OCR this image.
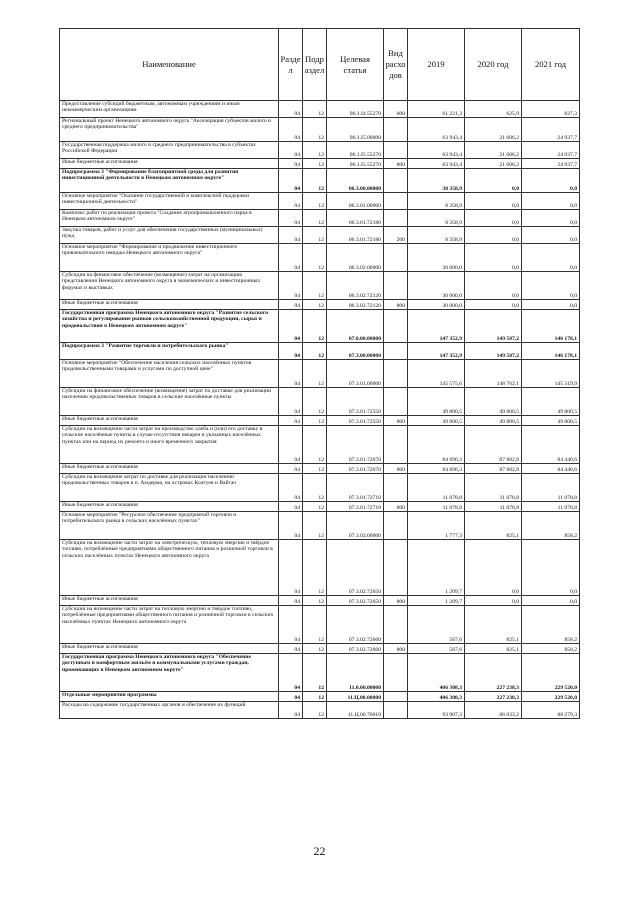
Наименование	Разде л	Подр аздел	Целевая статья	Вид расхо дов	2019	2020 год	2021 год
Предоставление субсидий бюджетным, автономным учреждениям и иным некоммерческим организациям	04	12	06.1.I4.55270	600	61 221,3	625,9	827,3
Региональный проект Ненецкого автономного округа "Акселерация субъектов малого и среднего предпринимательства"	04	12	06.1.I5.00000		63 943,4	21 606,2	24 937,7
Государственная поддержка малого и среднего предпринимательства в субъектах Российской Федерации	04	12	06.1.I5.55270		63 943,4	21 606,2	24 937,7
Иные бюджетные ассигнования	04	12	06.1.I5.55270	800	63 943,4	21 606,2	24 937,7
Подпрограмма 3 "Формирование благоприятной среды для развития инвестиционной деятельности в Ненецком автономном округе"	04	12	06.3.00.00000		38 358,9	0,0	0,0
Основное мероприятие "Оказание государственной и комплексной поддержки инвестиционной деятельности"	04	12	06.3.01.00000		8 358,9	0,0	0,0
Комплекс работ по реализации проекта "Создание агропромышленного парка в Ненецком автономном округе"	04	12	06.3.01.72180		8 358,9	0,0	0,0
Закупка товаров, работ и услуг для обеспечения государственных (муниципальных) нужд	04	12	06.3.01.72180	200	8 358,9	0,0	0,0
Основное мероприятие "Формирование и продвижение инвестиционного привлекательного имиджа Ненецкого автономного округа"	04	12	06.3.02.00000		30 000,0	0,0	0,0
Субсидия на финансовое обеспечение (возмещение) затрат на организацию представления Ненецкого автономного округа в экономических и инвестиционных форумах и выставках	04	12	06.3.02.72120		30 000,0	0,0	0,0
Иные бюджетные ассигнования	04	12	06.3.02.72120	800	30 000,0	0,0	0,0
Государственная программа Ненецкого автономного округа "Развитие сельского хозяйства и регулирование рынков сельскохозяйственной продукции, сырья и продовольствия в Ненецком автономном округе"	04	12	07.0.00.00000		147 352,9	149 587,2	146 178,1
Подпрограмма 3 "Развитие торговли и потребительского рынка"	04	12	07.3.00.00000		147 352,9	149 587,2	146 178,1
Основное мероприятие "Обеспечение населения сельских населённых пунктов продовольственными товарами и услугами по доступной цене"	04	12	07.3.01.00000		145 575,6	148 762,1	145 319,9
Субсидии на финансовое обеспечение (возмещение) затрат по доставке для реализации населению продовольственных товаров в сельские населённые пункты	04	12	07.3.01.72550		49 800,5	49 800,5	49 800,5
Иные бюджетные ассигнования	04	12	07.3.01.72550	800	49 800,5	49 800,5	49 800,5
Субсидии на возмещение части затрат на производство хлеба и (или) его доставку в сельские населённые пункты в случае отсутствия пекарен в указанных населённых пунктах или на период их ремонта и иного временного закрытия	04	12	07.3.01.72670		84 696,3	87 882,8	84 440,6
Иные бюджетные ассигнования	04	12	07.3.01.72670	800	84 696,3	87 882,8	84 440,6
Субсидии на возмещение затрат по доставке для реализации населению продовольственных товаров в п. Амдерма, на островах Колгуев и Вайгач	04	12	07.3.01.72710		11 078,8	11 078,8	11 078,8
Иные бюджетные ассигнования	04	12	07.3.01.72710	800	11 078,8	11 078,8	11 078,8
Основное мероприятие "Ресурсное обеспечение предприятий торговли и потребительского рынка в сельских населённых пунктах"	04	12	07.3.02.00000		1 777,3	825,1	858,2
Субсидии на возмещение части затрат на электрическую, тепловую энергию и твёрдое топливо, потреблённые предприятиями общественного питания и розничной торговли в сельских населённых пунктах Ненецкого автономного округа	04	12	07.3.02.72650		1 209,7	0,0	0,0
Иные бюджетные ассигнования	04	12	07.3.02.72650	800	1 209,7	0,0	0,0
Субсидии на возмещение части затрат на тепловую энергию и твёрдое топливо, потреблённые предприятиями общественного питания и розничной торговли в сельских населённых пунктах Ненецкого автономного округа	04	12	07.3.02.72660		567,6	825,1	858,2
Иные бюджетные ассигнования	04	12	07.3.02.72660	800	567,6	825,1	858,2
Государственная программа Ненецкого автономного округа "Обеспечение доступным и комфортным жильём и коммунальными услугами граждан, проживающих в Ненецком автономном округе"	04	12	11.0.00.00000		406 308,3	227 238,3	229 520,0
Отдельные мероприятия программы	04	12	11.Ц.00.00000		406 308,3	227 238,3	229 520,0
Расходы на содержание государственных органов и обеспечение их функций	04	12	11.Ц.00.70010		93 907,3	86 033,2	88 279,3
22
